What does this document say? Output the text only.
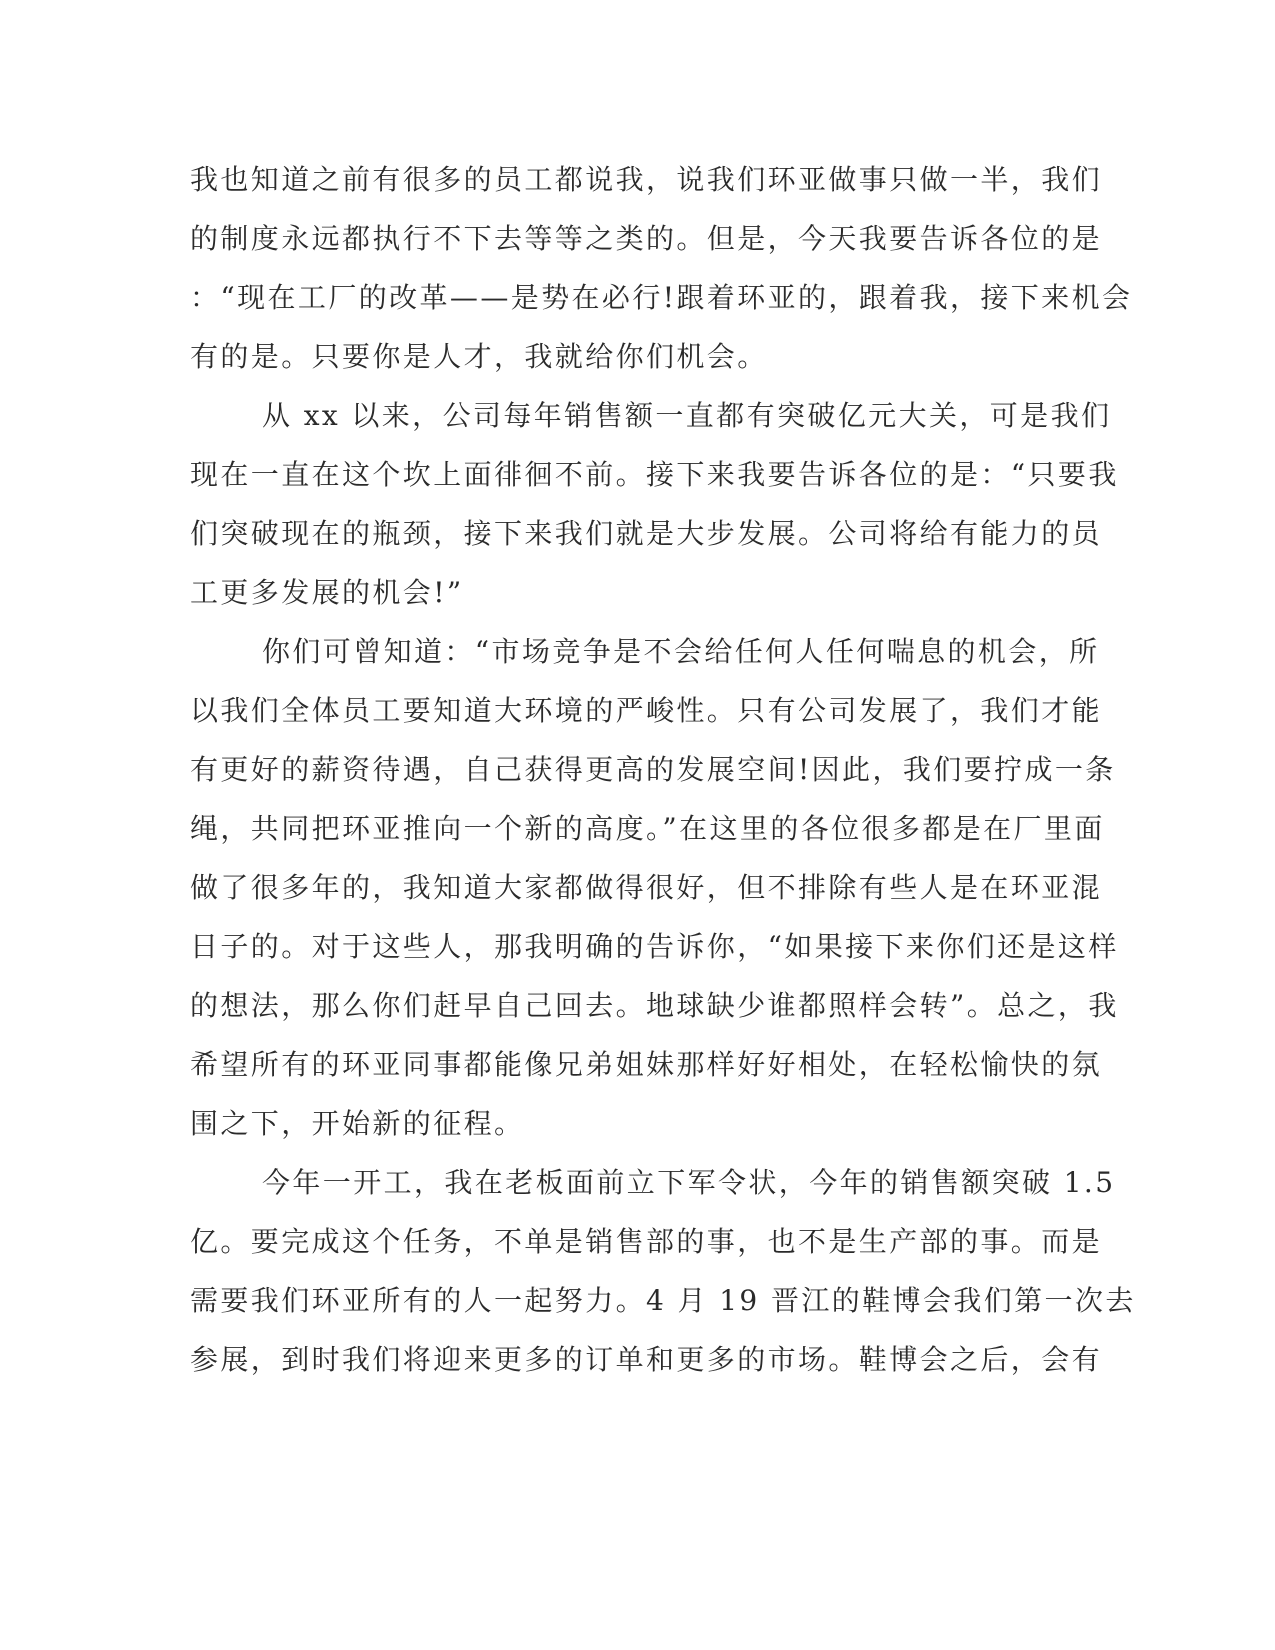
我也知道之前有很多的员工都说我，说我们环亚做事只做一半，我们
的制度永远都执行不下去等等之类的。但是，今天我要告诉各位的是
：“现在工厂的改革——是势在必行!跟着环亚的，跟着我，接下来机会
有的是。只要你是人才，我就给你们机会。
从 xx 以来，公司每年销售额一直都有突破亿元大关，可是我们
现在一直在这个坎上面徘徊不前。接下来我要告诉各位的是：“只要我
们突破现在的瓶颈，接下来我们就是大步发展。公司将给有能力的员
工更多发展的机会!”
你们可曾知道：“市场竞争是不会给任何人任何喘息的机会，所
以我们全体员工要知道大环境的严峻性。只有公司发展了，我们才能
有更好的薪资待遇，自己获得更高的发展空间!因此，我们要拧成一条
绳，共同把环亚推向一个新的高度。”在这里的各位很多都是在厂里面
做了很多年的，我知道大家都做得很好，但不排除有些人是在环亚混
日子的。对于这些人，那我明确的告诉你，“如果接下来你们还是这样
的想法，那么你们赶早自己回去。地球缺少谁都照样会转”。总之，我
希望所有的环亚同事都能像兄弟姐妹那样好好相处，在轻松愉快的氛
围之下，开始新的征程。
今年一开工，我在老板面前立下军令状，今年的销售额突破 1.5
亿。要完成这个任务，不单是销售部的事，也不是生产部的事。而是
需要我们环亚所有的人一起努力。4 月 19 晋江的鞋博会我们第一次去
参展，到时我们将迎来更多的订单和更多的市场。鞋博会之后，会有
